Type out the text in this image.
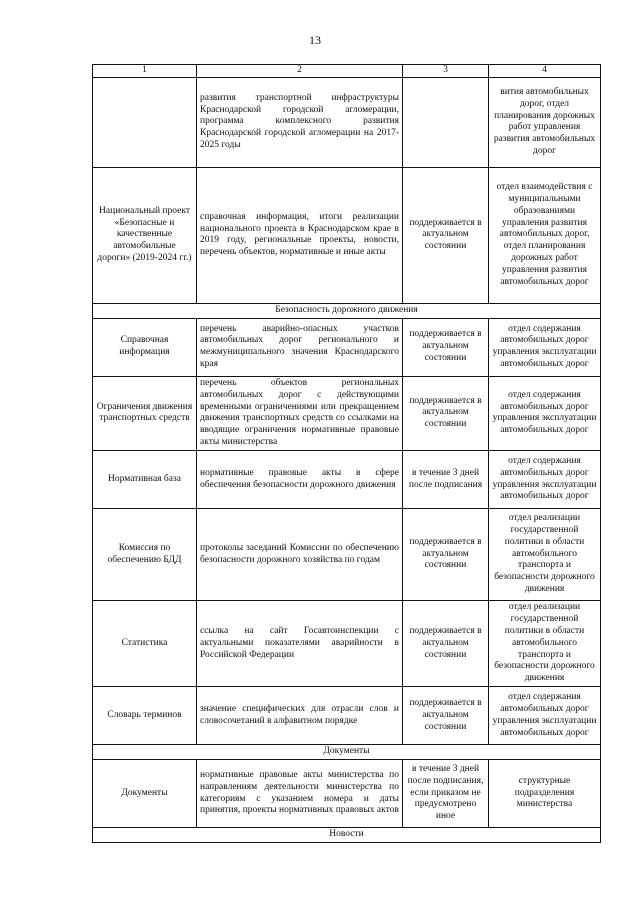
13
1	2	3	4
	развития транспортной инфраструктуры Краснодарской городской агломерации, программа комплексного развития Краснодарской городской агломерации на 2017-2025 годы		вития автомобильных дорог, отдел планирования дорожных работ управления развития автомобильных дорог
Национальный проект «Безопасные и качественные автомобильные дороги» (2019-2024 гг.)	справочная информация, итоги реализации национального проекта в Краснодарском крае в 2019 году, региональные проекты, новости, перечень объектов, нормативные и иные акты	поддерживается в актуальном состоянии	отдел взаимодействия с муниципальными образованиями управления развития автомобильных дорог, отдел планирования дорожных работ управления развития автомобильных дорог
Безопасность дорожного движения			
Справочная информация	перечень аварийно-опасных участков автомобильных дорог регионального и межмуниципального значения Краснодарского края	поддерживается в актуальном состоянии	отдел содержания автомобильных дорог управления эксплуатации автомобильных дорог
Ограничения движения транспортных средств	перечень объектов региональных автомобильных дорог с действующими временными ограничениями или прекращением движения транспортных средств со ссылками на вводящие ограничения нормативные правовые акты министерства	поддерживается в актуальном состоянии	отдел содержания автомобильных дорог управления эксплуатации автомобильных дорог
Нормативная база	нормативные правовые акты в сфере обеспечения безопасности дорожного движения	в течение 3 дней после подписания	отдел содержания автомобильных дорог управления эксплуатации автомобильных дорог
Комиссия по обеспечению БДД	протоколы заседаний Комиссии по обеспечению безопасности дорожного хозяйства по годам	поддерживается в актуальном состоянии	отдел реализации государственной политики в области автомобильного транспорта и безопасности дорожного движения
Статистика	ссылка на сайт Госавтоинспекции с актуальными показателями аварийности в Российской Федерации	поддерживается в актуальном состоянии	отдел реализации государственной политики в области автомобильного транспорта и безопасности дорожного движения
Словарь терминов	значение специфических для отрасли слов и словосочетаний в алфавитном порядке	поддерживается в актуальном состоянии	отдел содержания автомобильных дорог управления эксплуатации автомобильных дорог
Документы			
Документы	нормативные правовые акты министерства по направлениям деятельности министерства по категориям с указанием номера и даты принятия, проекты нормативных правовых актов	в течение 3 дней после подписания, если приказом не предусмотрено иное	структурные подразделения министерства
Новости			
